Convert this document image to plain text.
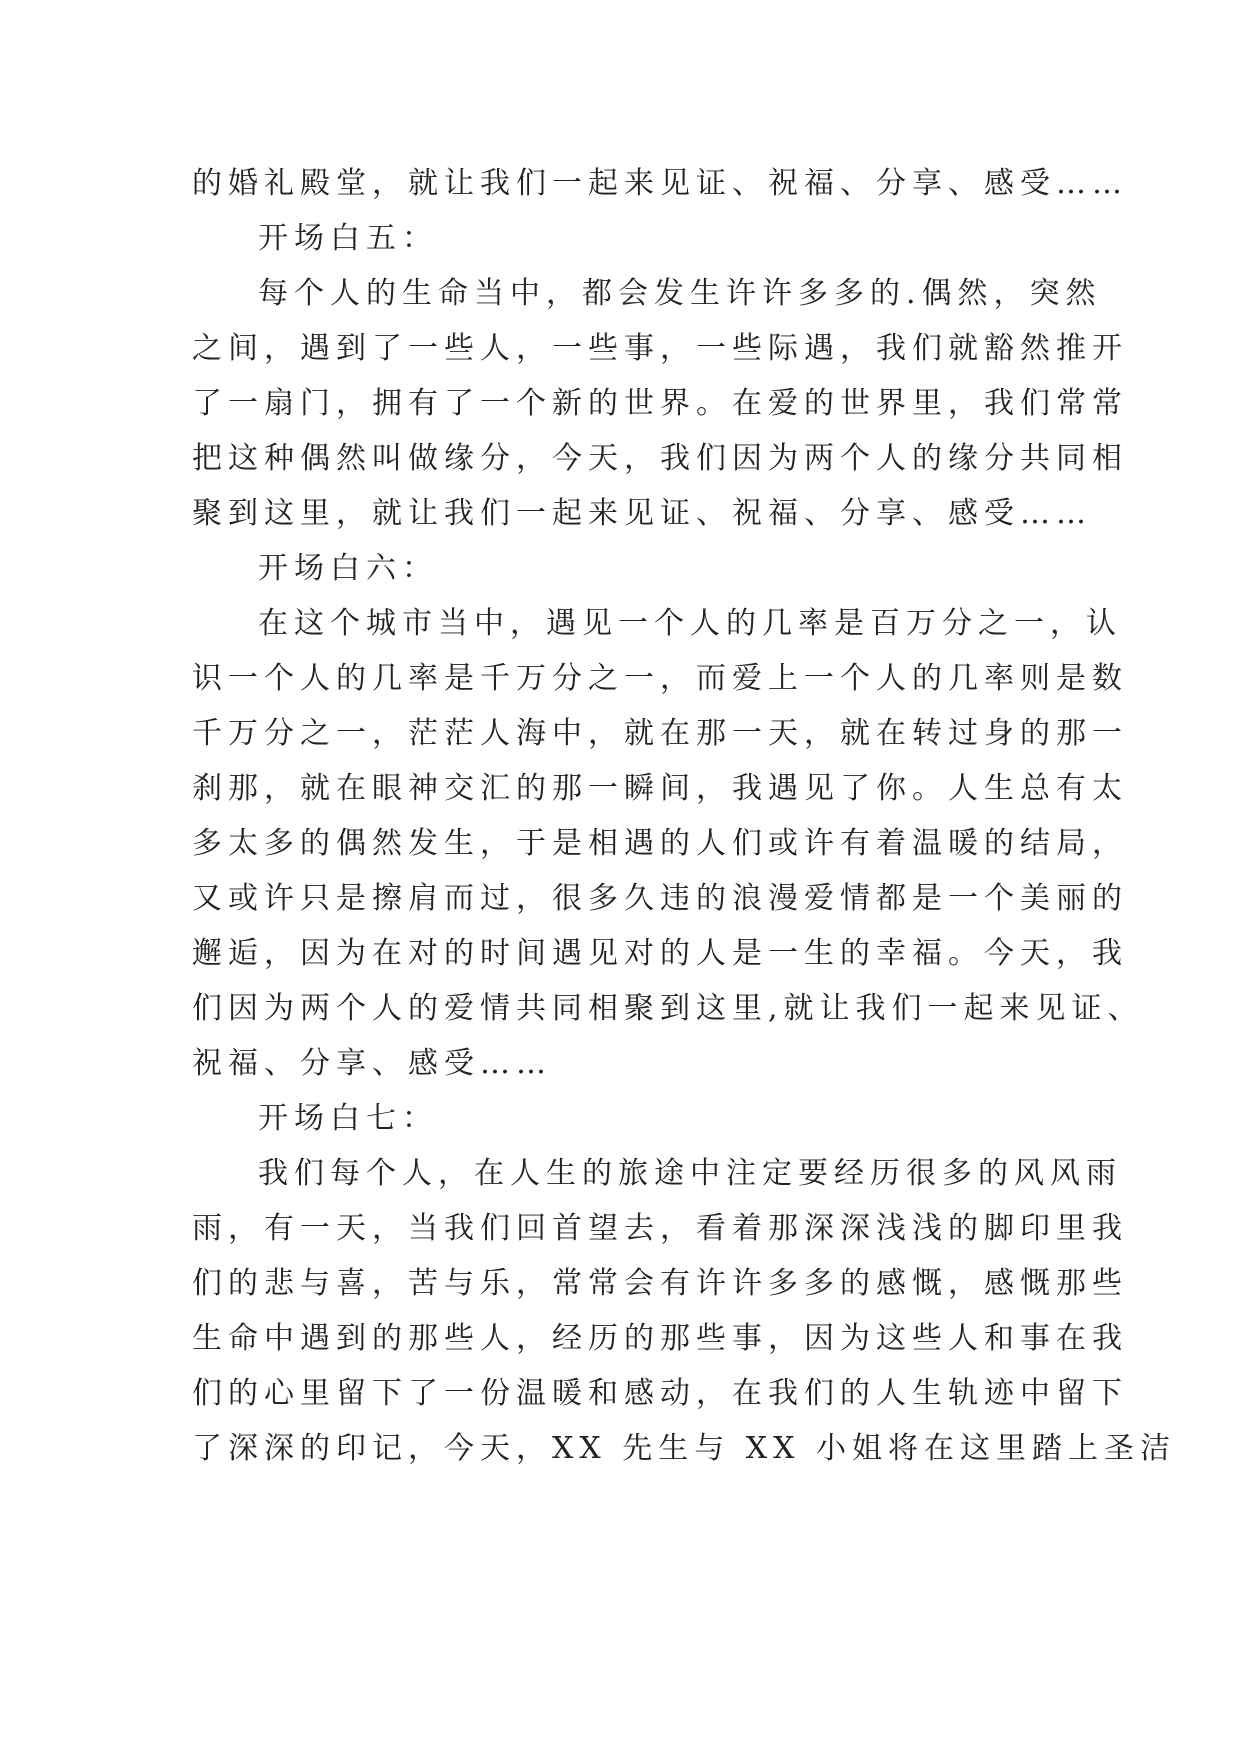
的婚礼殿堂，就让我们一起来见证、祝福、分享、感受……
开场白五：
每个人的生命当中，都会发生许许多多的.偶然，突然
之间，遇到了一些人，一些事，一些际遇，我们就豁然推开
了一扇门，拥有了一个新的世界。在爱的世界里，我们常常
把这种偶然叫做缘分，今天，我们因为两个人的缘分共同相
聚到这里，就让我们一起来见证、祝福、分享、感受……
开场白六：
在这个城市当中，遇见一个人的几率是百万分之一，认
识一个人的几率是千万分之一，而爱上一个人的几率则是数
千万分之一，茫茫人海中，就在那一天，就在转过身的那一
刹那，就在眼神交汇的那一瞬间，我遇见了你。人生总有太
多太多的偶然发生，于是相遇的人们或许有着温暖的结局，
又或许只是擦肩而过，很多久违的浪漫爱情都是一个美丽的
邂逅，因为在对的时间遇见对的人是一生的幸福。今天，我
们因为两个人的爱情共同相聚到这里,就让我们一起来见证、
祝福、分享、感受……
开场白七：
我们每个人，在人生的旅途中注定要经历很多的风风雨
雨，有一天，当我们回首望去，看着那深深浅浅的脚印里我
们的悲与喜，苦与乐，常常会有许许多多的感慨，感慨那些
生命中遇到的那些人，经历的那些事，因为这些人和事在我
们的心里留下了一份温暖和感动，在我们的人生轨迹中留下
了深深的印记，今天，XX 先生与 XX 小姐将在这里踏上圣洁
